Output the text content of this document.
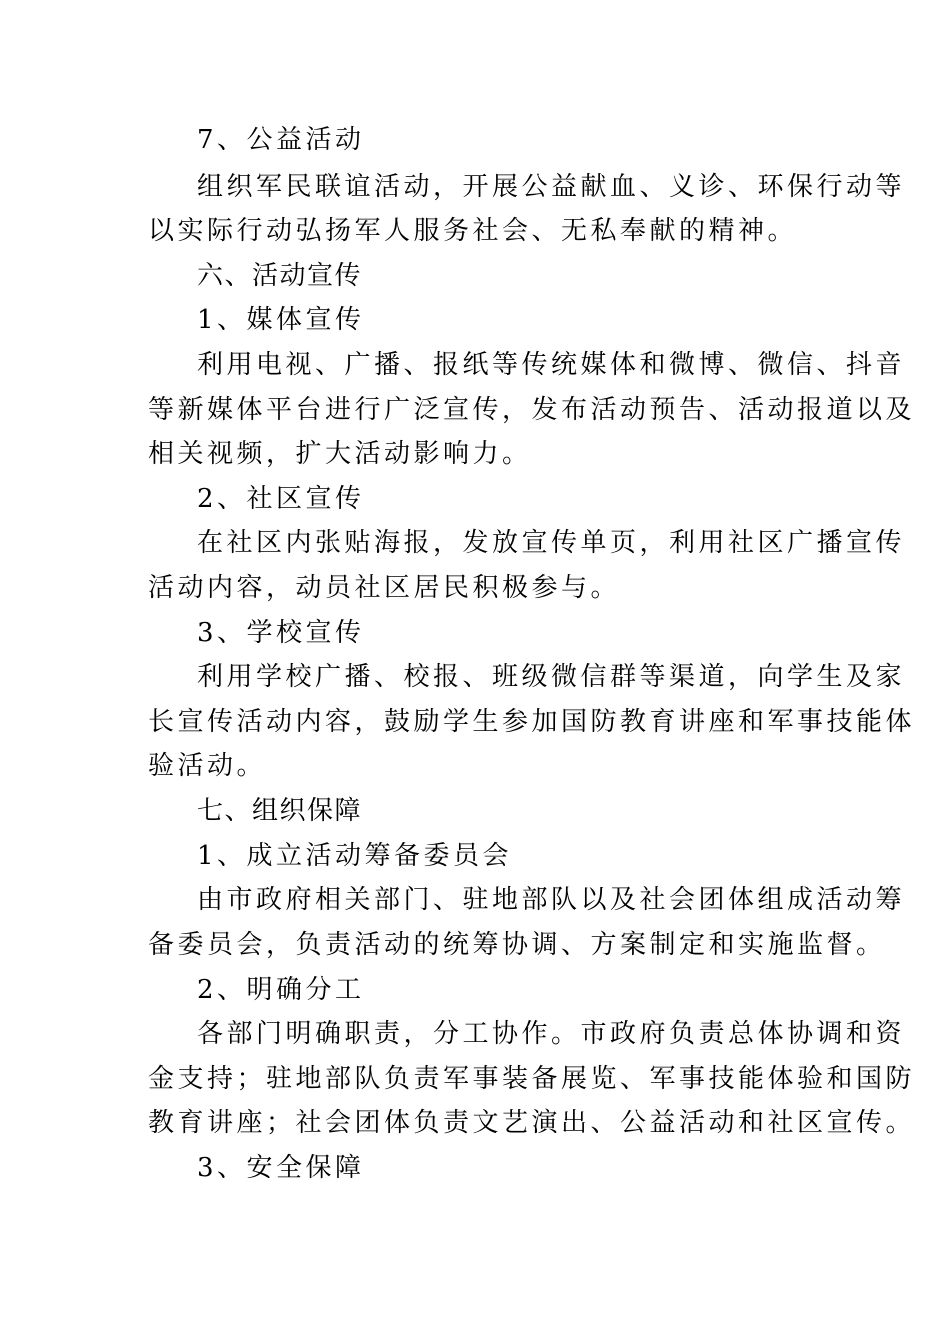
7、公益活动
组织军民联谊活动，开展公益献血、义诊、环保行动等
以实际行动弘扬军人服务社会、无私奉献的精神。
六、活动宣传
1、媒体宣传
利用电视、广播、报纸等传统媒体和微博、微信、抖音
等新媒体平台进行广泛宣传，发布活动预告、活动报道以及
相关视频，扩大活动影响力。
2、社区宣传
在社区内张贴海报，发放宣传单页，利用社区广播宣传
活动内容，动员社区居民积极参与。
3、学校宣传
利用学校广播、校报、班级微信群等渠道，向学生及家
长宣传活动内容，鼓励学生参加国防教育讲座和军事技能体
验活动。
七、组织保障
1、成立活动筹备委员会
由市政府相关部门、驻地部队以及社会团体组成活动筹
备委员会，负责活动的统筹协调、方案制定和实施监督。
2、明确分工
各部门明确职责，分工协作。市政府负责总体协调和资
金支持；驻地部队负责军事装备展览、军事技能体验和国防
教育讲座；社会团体负责文艺演出、公益活动和社区宣传。
3、安全保障
